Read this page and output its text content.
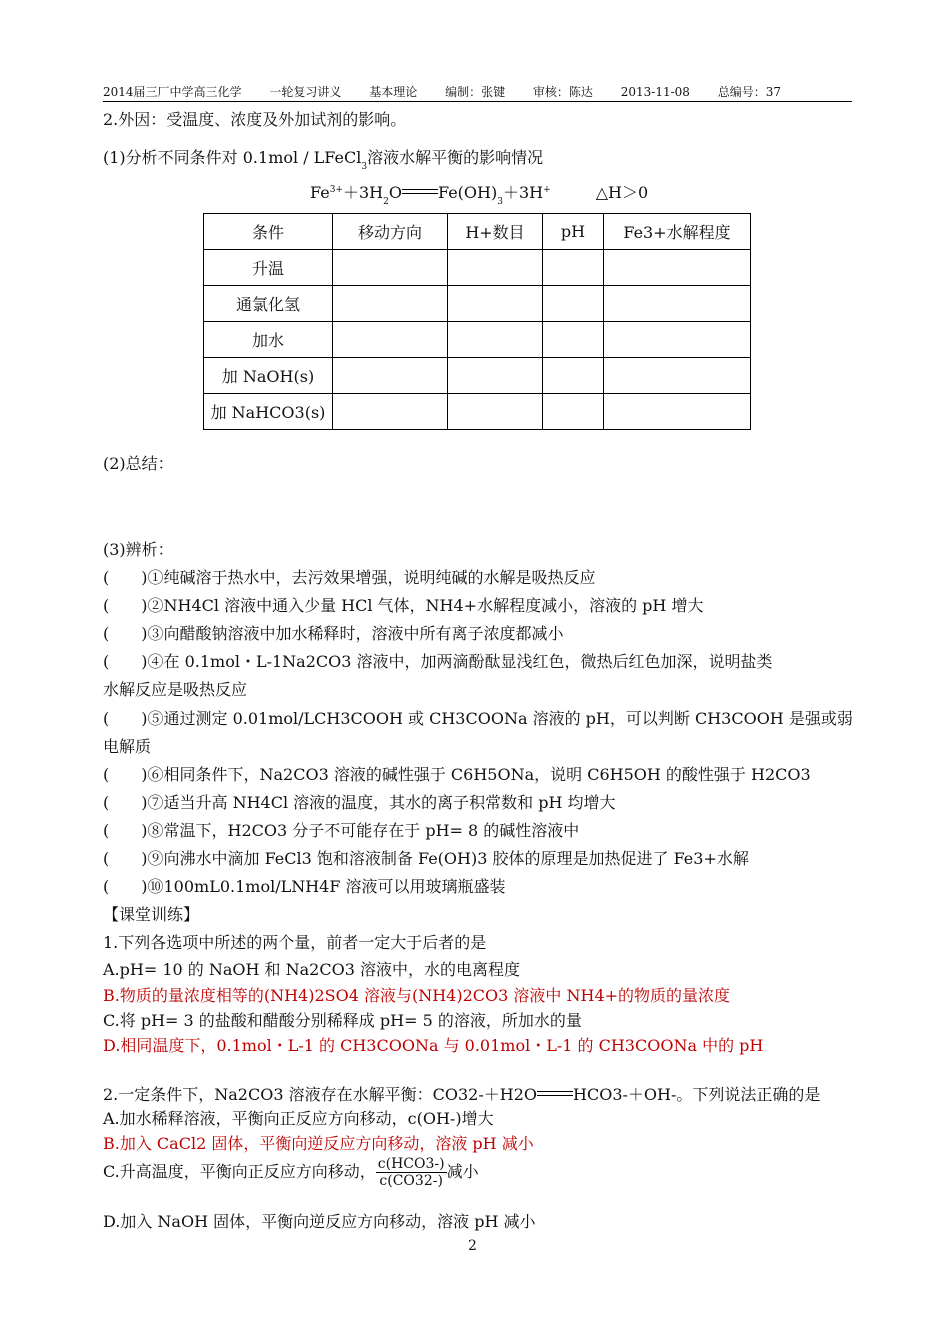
2014届三厂中学高三化学 一轮复习讲义 基本理论 编制：张键 审核：陈达 2013-11-08 总编号：37
2.外因：受温度、浓度及外加试剂的影响。
(1)分析不同条件对 0.1mol / LFeCl$_3$溶液水解平衡的影响情况
$Fe^{3+}+3H_2O$ $Fe(OH)_3+3H^+$	△H＞0
条件	移动方向	H+数目	pH	Fe3+水解程度
升温				
通氯化氢				
加水				
加 NaOH(s)				
加 NaHCO3(s)				
(2)总结：
(3)辨析：
(　　)①纯碱溶于热水中，去污效果增强，说明纯碱的水解是吸热反应
(　　)②NH4Cl 溶液中通入少量 HCl 气体，NH4+水解程度减小，溶液的 pH 增大
(　　)③向醋酸钠溶液中加水稀释时，溶液中所有离子浓度都减小
(　　)④在 0.1mol・L-1Na2CO3 溶液中，加两滴酚酞显浅红色，微热后红色加深，说明盐类
水解反应是吸热反应
(　　)⑤通过测定 0.01mol/LCH3COOH 或 CH3COONa 溶液的 pH，可以判断 CH3COOH 是强或弱
电解质
(　　)⑥相同条件下，Na2CO3 溶液的碱性强于 C6H5ONa，说明 C6H5OH 的酸性强于 H2CO3
(　　)⑦适当升高 NH4Cl 溶液的温度，其水的离子积常数和 pH 均增大
(　　)⑧常温下，H2CO3 分子不可能存在于 pH= 8 的碱性溶液中
(　　)⑨向沸水中滴加 FeCl3 饱和溶液制备 Fe(OH)3 胶体的原理是加热促进了 Fe3+水解
(　　)⑩100mL0.1mol/LNH4F 溶液可以用玻璃瓶盛装
【课堂训练】
1.下列各选项中所述的两个量，前者一定大于后者的是
A.pH= 10 的 NaOH 和 Na2CO3 溶液中，水的电离程度
B.物质的量浓度相等的(NH4)2SO4 溶液与(NH4)2CO3 溶液中 NH4+的物质的量浓度
C.将 pH= 3 的盐酸和醋酸分别稀释成 pH= 5 的溶液，所加水的量
D.相同温度下，0.1mol・L-1 的 CH3COONa 与 0.01mol・L-1 的 CH3COONa 中的 pH
2.一定条件下，Na2CO3 溶液存在水解平衡：CO32-＋H2O HCO3-＋OH-。下列说法正确的是
A.加水稀释溶液，平衡向正反应方向移动，c(OH-)增大
B.加入 CaCl2 固体，平衡向逆反应方向移动，溶液 pH 减小
C.升高温度，平衡向正反应方向移动， $\frac{\text{c(HCO3-)}}{c(CO32-)}$ 减小
D.加入 NaOH 固体，平衡向逆反应方向移动，溶液 pH 减小
2
